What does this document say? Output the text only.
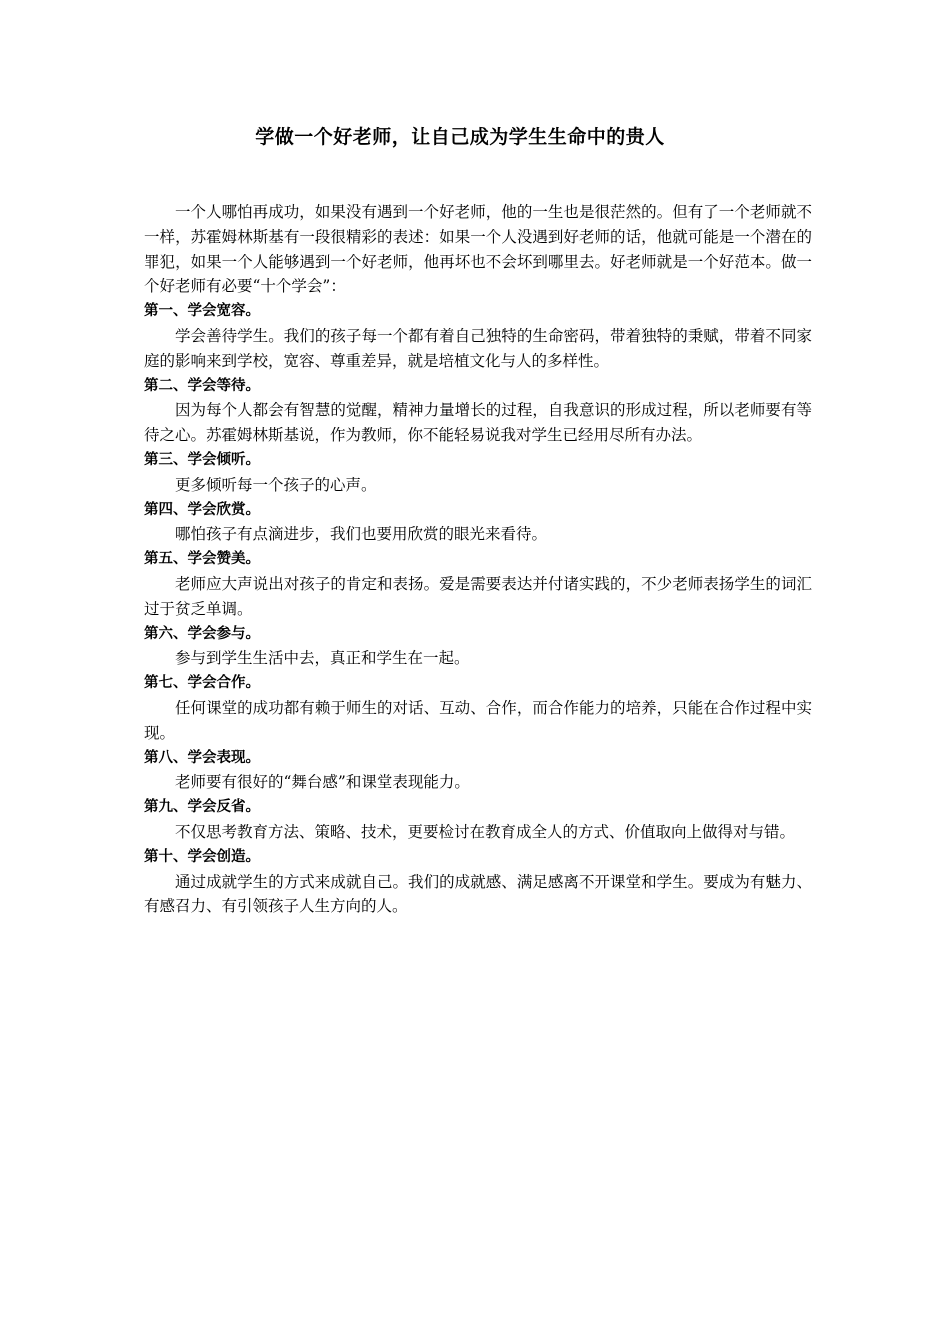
学做一个好老师，让自己成为学生生命中的贵人

一个人哪怕再成功，如果没有遇到一个好老师，他的一生也是很茫然的。但有了一个老师就不一样，苏霍姆林斯基有一段很精彩的表述：如果一个人没遇到好老师的话，他就可能是一个潜在的罪犯，如果一个人能够遇到一个好老师，他再坏也不会坏到哪里去。好老师就是一个好范本。做一个好老师有必要“十个学会”：

第一、学会宽容。

学会善待学生。我们的孩子每一个都有着自己独特的生命密码，带着独特的秉赋，带着不同家庭的影响来到学校，宽容、尊重差异，就是培植文化与人的多样性。

第二、学会等待。

因为每个人都会有智慧的觉醒，精神力量增长的过程，自我意识的形成过程，所以老师要有等待之心。苏霍姆林斯基说，作为教师，你不能轻易说我对学生已经用尽所有办法。

第三、学会倾听。

更多倾听每一个孩子的心声。

第四、学会欣赏。

哪怕孩子有点滴进步，我们也要用欣赏的眼光来看待。

第五、学会赞美。

老师应大声说出对孩子的肯定和表扬。爱是需要表达并付诸实践的，不少老师表扬学生的词汇过于贫乏单调。

第六、学会参与。

参与到学生生活中去，真正和学生在一起。

第七、学会合作。

任何课堂的成功都有赖于师生的对话、互动、合作，而合作能力的培养，只能在合作过程中实现。

第八、学会表现。

老师要有很好的“舞台感”和课堂表现能力。

第九、学会反省。

不仅思考教育方法、策略、技术，更要检讨在教育成全人的方式、价值取向上做得对与错。

第十、学会创造。

通过成就学生的方式来成就自己。我们的成就感、满足感离不开课堂和学生。要成为有魅力、有感召力、有引领孩子人生方向的人。
